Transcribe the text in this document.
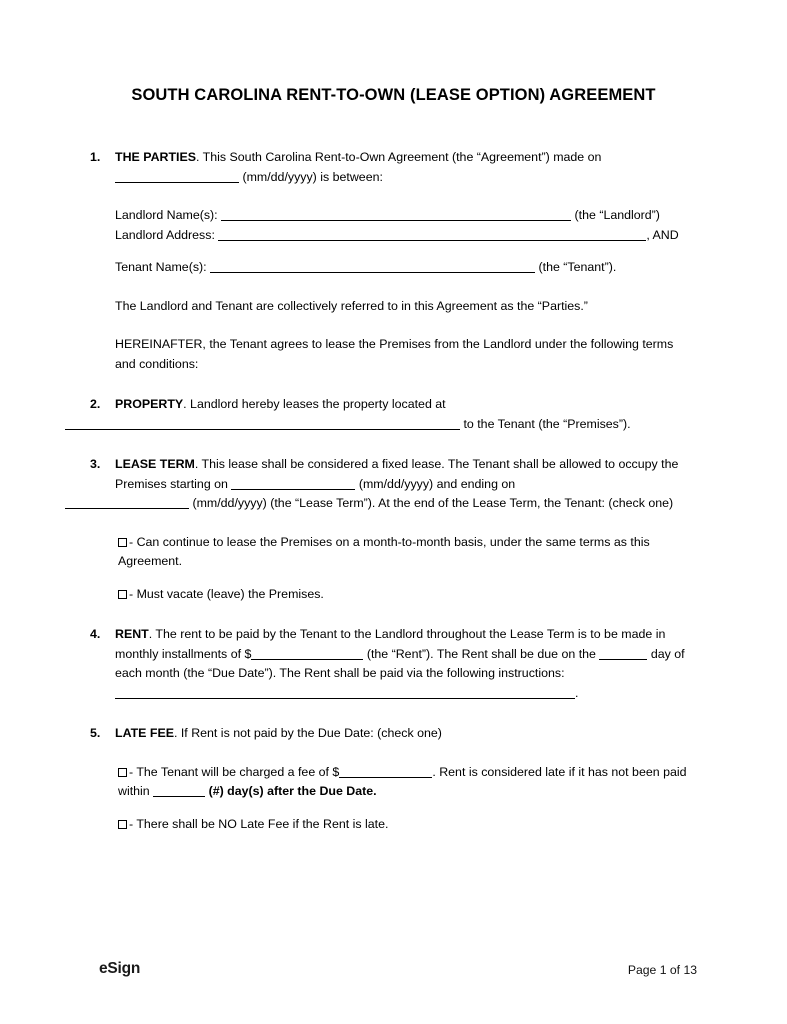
SOUTH CAROLINA RENT-TO-OWN (LEASE OPTION) AGREEMENT
1.	THE PARTIES. This South Carolina Rent-to-Own Agreement (the “Agreement”) made on  (mm/dd/yyyy) is between:

Landlord Name(s):	(the “Landlord”)

Landlord Address:	, AND

Tenant Name(s):	(the “Tenant”).

The Landlord and Tenant are collectively referred to in this Agreement as the “Parties.”

HEREINAFTER, the Tenant agrees to lease the Premises from the Landlord under the following terms and conditions:

2.	PROPERTY. Landlord hereby leases the property located at

to the Tenant (the “Premises”).

3.	LEASE TERM. This lease shall be considered a fixed lease. The Tenant shall be allowed to occupy the Premises starting on	(mm/dd/yyyy) and ending on

(mm/dd/yyyy) (the “Lease Term”). At the end of the Lease Term, the Tenant: (check one)

- Can continue to lease the Premises on a month-to-month basis, under the same terms as this Agreement.

- Must vacate (leave) the Premises.

4.	RENT. The rent to be paid by the Tenant to the Landlord throughout the Lease Term is to be made in monthly installments of $	(the “Rent”). The Rent shall be due on the	day of each month (the “Due Date”). The Rent shall be paid via the following instructions: .

5.	LATE FEE. If Rent is not paid by the Due Date: (check one)

- The Tenant will be charged a fee of $	. Rent is considered late if it has not been paid within	(#) day(s) after the Due Date.

- There shall be NO Late Fee if the Rent is late.

eSign	Page 1 of 13
